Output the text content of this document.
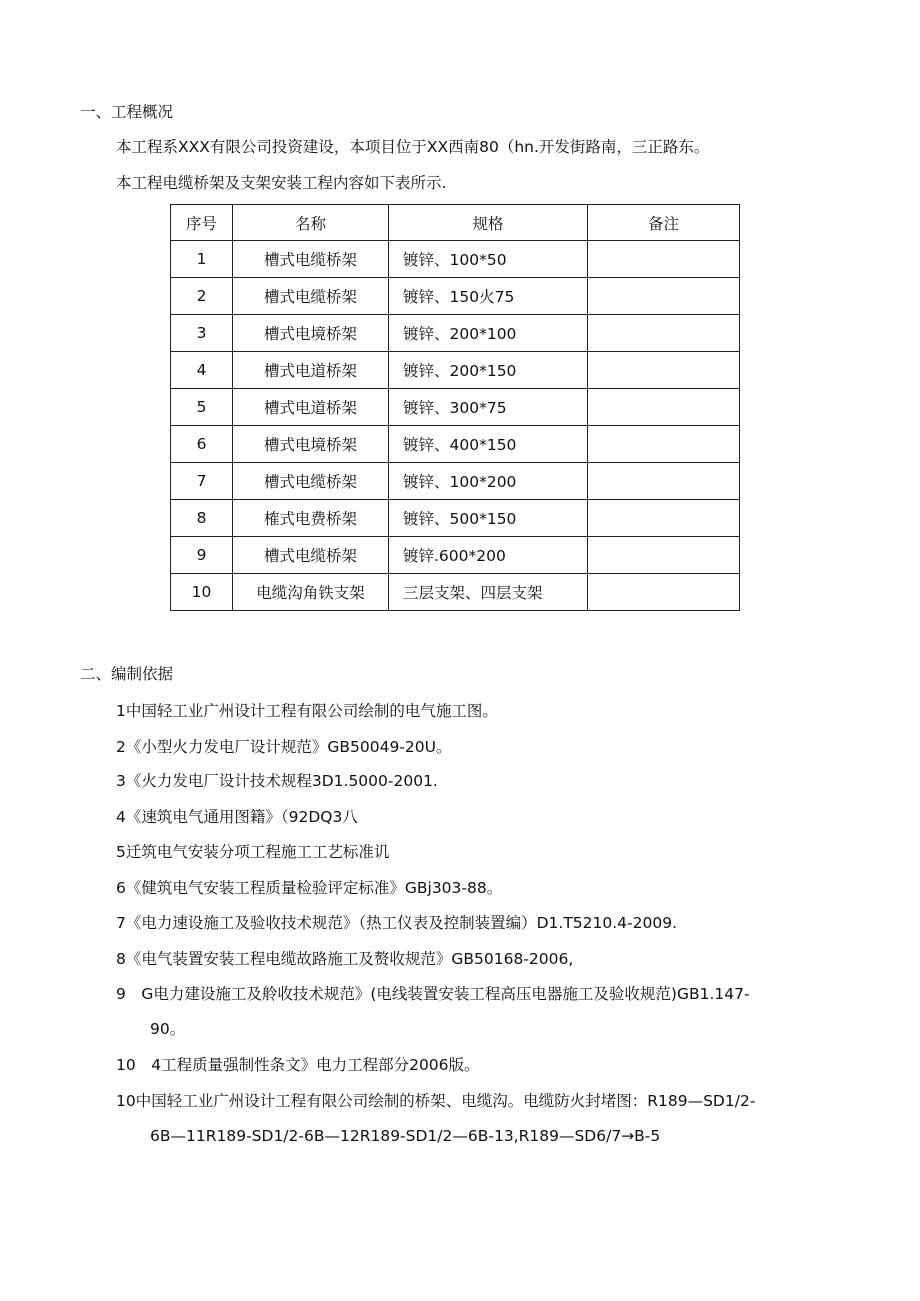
一、工程概况
本工程系XXX有限公司投资建设，本项目位于XX西南80（hn.开发街路南，三正路东。
本工程电缆桥架及支架安装工程内容如下表所示.
序号	名称	规格	备注
1	槽式电缆桥架	镀锌、100*50	
2	槽式电缆桥架	镀锌、150火75	
3	槽式电境桥架	镀锌、200*100	
4	槽式电道桥架	镀锌、200*150	
5	槽式电道桥架	镀锌、300*75	
6	槽式电境桥架	镀锌、400*150	
7	槽式电缆桥架	镀锌、100*200	
8	榷式电费桥架	镀锌、500*150	
9	槽式电缆桥架	镀锌.600*200	
10	电缆沟角铁支架	三层支架、四层支架	
二、编制依据
1中国轻工业广州设计工程有限公司绘制的电气施工图。
2《小型火力发电厂设计规范》GB50049-20U。
3《火力发电厂设计技术规程3D1.5000-2001.
4《速筑电气通用图籍》（92DQ3八
5迁筑电气安装分项工程施工工艺标准讥
6《健筑电气安装工程质量检验评定标准》GBj303-88。
7《电力速设施工及验收技术规范》（热工仪表及控制装置编）D1.T5210.4-2009.
8《电气装置安装工程电缆故路施工及赘收规范》GB50168-2006,
9　G电力建设施工及舲收技术规范》(电线装置安装工程高压电器施工及验收规范)GB1.147-
90。
10　4工程质量强制性条文》电力工程部分2006版。
10中国轻工业广州设计工程有限公司绘制的桥架、电缆沟。电缆防火封堵图：R189—SD1/2-
6B—11R189-SD1/2-6B—12R189-SD1/2—6B-13,R189—SD6/7→B-5
